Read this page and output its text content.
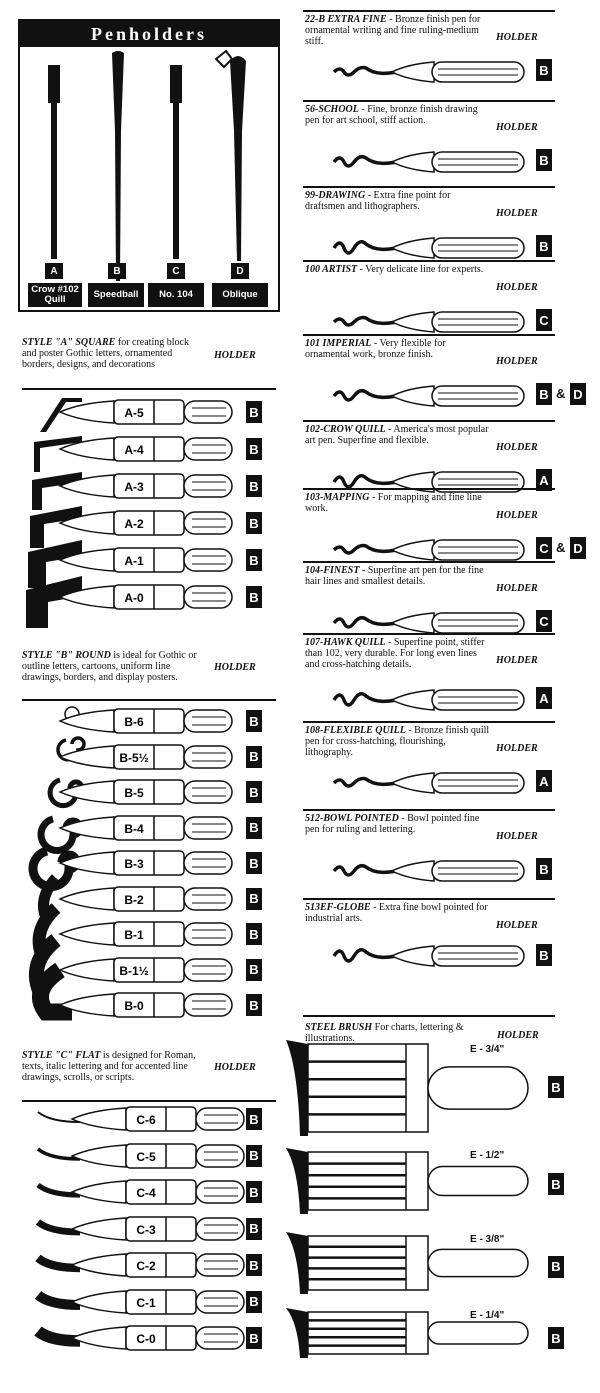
Penholders
A	B	C	D
Crow #102 Quill	Speedball	No. 104	Oblique
STYLE "A" SQUARE for creating block and poster Gothic letters, ornamented borders, designs, and decorations
HOLDER
A-5	B
A-4	B
A-3	B
A-2	B
A-1	B
A-0	B
STYLE "B" ROUND is ideal for Gothic or outline letters, cartoons, uniform line drawings, borders, and display posters.
HOLDER
B-6	B
B-5½	B
B-5	B
B-4	B
B-3	B
B-2	B
B-1	B
B-1½	B
B-0	B
STYLE "C" FLAT is designed for Roman, texts, italic lettering and for accented line drawings, scrolls, or scripts.
HOLDER
C-6	B
C-5	B
C-4	B
C-3	B
C-2	B
C-1	B
C-0	B
22-B EXTRA FINE - Bronze finish pen for ornamental writing and fine ruling-medium stiff.	HOLDER
B
56-SCHOOL - Fine, bronze finish drawing pen for art school, stiff action.
HOLDER
B
99-DRAWING - Extra fine point for draftsmen and lithographers.
HOLDER
B
100 ARTIST - Very delicate line for experts.
HOLDER
C
101 IMPERIAL - Very flexible for ornamental work, bronze finish.
HOLDER
B & D
102-CROW QUILL - America's most popular art pen. Superfine and flexible.
HOLDER
A
103-MAPPING - For mapping and fine line work.
HOLDER
C & D
104-FINEST - Superfine art pen for the fine hair lines and smallest details.
HOLDER
C
107-HAWK QUILL - Superfine point, stiffer than 102, very durable. For long even lines and cross-hatching details.	HOLDER
A
108-FLEXIBLE QUILL - Bronze finish quill pen for cross-hatching, flourishing, lithography.	HOLDER
A
512-BOWL POINTED - Bowl pointed fine pen for ruling and lettering.
HOLDER
B
513EF-GLOBE - Extra fine bowl pointed for industrial arts.
HOLDER
B
STEEL BRUSH For charts, lettering & illustrations.	HOLDER
E - 3/4"
B
E - 1/2"
B
E - 3/8"
B
E - 1/4"
B
